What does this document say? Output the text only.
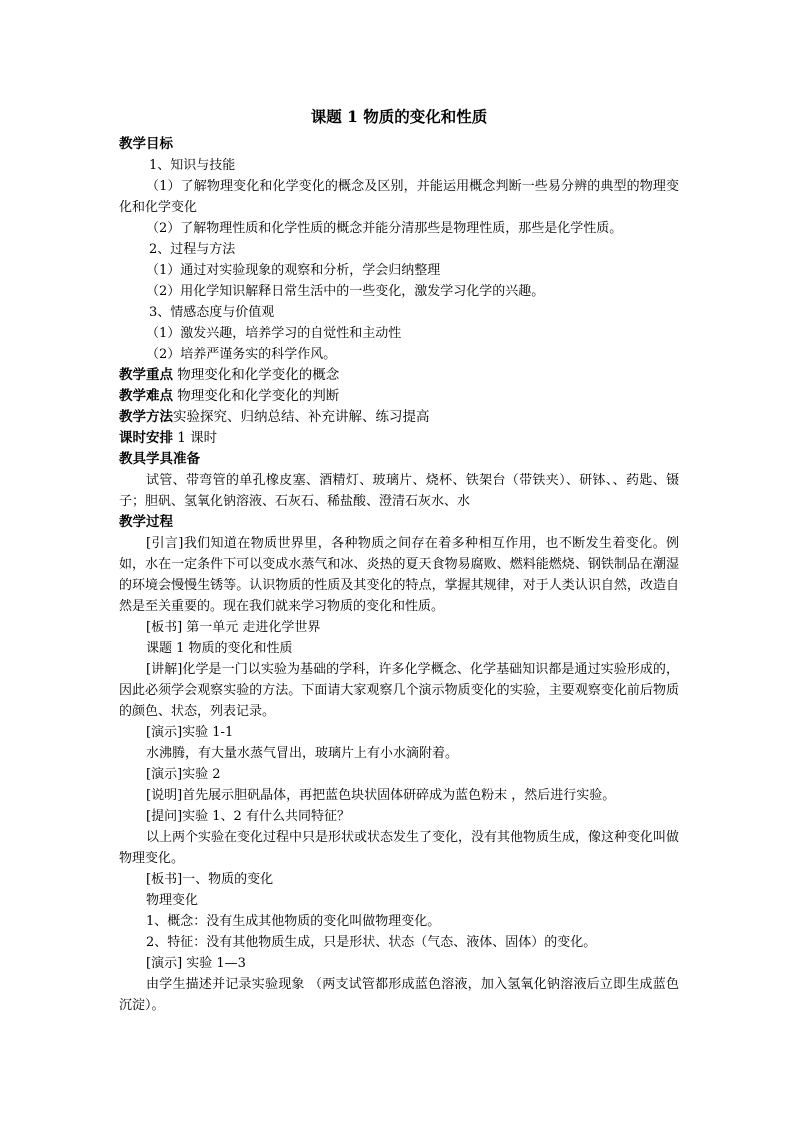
课题 1 物质的变化和性质
教学目标
1、知识与技能
（1）了解物理变化和化学变化的概念及区别，并能运用概念判断一些易分辨的典型的物理变化和化学变化
（2）了解物理性质和化学性质的概念并能分清那些是物理性质，那些是化学性质。
2、过程与方法
（1）通过对实验现象的观察和分析，学会归纳整理
（2）用化学知识解释日常生活中的一些变化，激发学习化学的兴趣。
3、情感态度与价值观
（1）激发兴趣，培养学习的自觉性和主动性
（2）培养严谨务实的科学作风。
教学重点 物理变化和化学变化的概念
教学难点 物理变化和化学变化的判断
教学方法实验探究、归纳总结、补充讲解、练习提高
课时安排 1 课时
教具学具准备
试管、带弯管的单孔橡皮塞、酒精灯、玻璃片、烧杯、铁架台（带铁夹）、研钵、、药匙、镊子；胆矾、氢氧化钠溶液、石灰石、稀盐酸、澄清石灰水、水
教学过程
[引言]我们知道在物质世界里，各种物质之间存在着多种相互作用，也不断发生着变化。例如，水在一定条件下可以变成水蒸气和冰、炎热的夏天食物易腐败、燃料能燃烧、钢铁制品在潮湿的环境会慢慢生锈等。认识物质的性质及其变化的特点，掌握其规律，对于人类认识自然，改造自然是至关重要的。现在我们就来学习物质的变化和性质。
[板书] 第一单元 走进化学世界
课题 1 物质的变化和性质
[讲解]化学是一门以实验为基础的学科，许多化学概念、化学基础知识都是通过实验形成的，因此必须学会观察实验的方法。下面请大家观察几个演示物质变化的实验，主要观察变化前后物质的颜色、状态，列表记录。
[演示]实验 1-1
水沸腾，有大量水蒸气冒出，玻璃片上有小水滴附着。
[演示]实验 2
[说明]首先展示胆矾晶体，再把蓝色块状固体研碎成为蓝色粉末 ，然后进行实验。
[提问]实验 1、2 有什么共同特征？
以上两个实验在变化过程中只是形状或状态发生了变化，没有其他物质生成，像这种变化叫做物理变化。
[板书]一、物质的变化
物理变化
1、概念：没有生成其他物质的变化叫做物理变化。
2、特征：没有其他物质生成，只是形状、状态（气态、液体、固体）的变化。
[演示] 实验 1—3
由学生描述并记录实验现象 （两支试管都形成蓝色溶液，加入氢氧化钠溶液后立即生成蓝色沉淀）。
